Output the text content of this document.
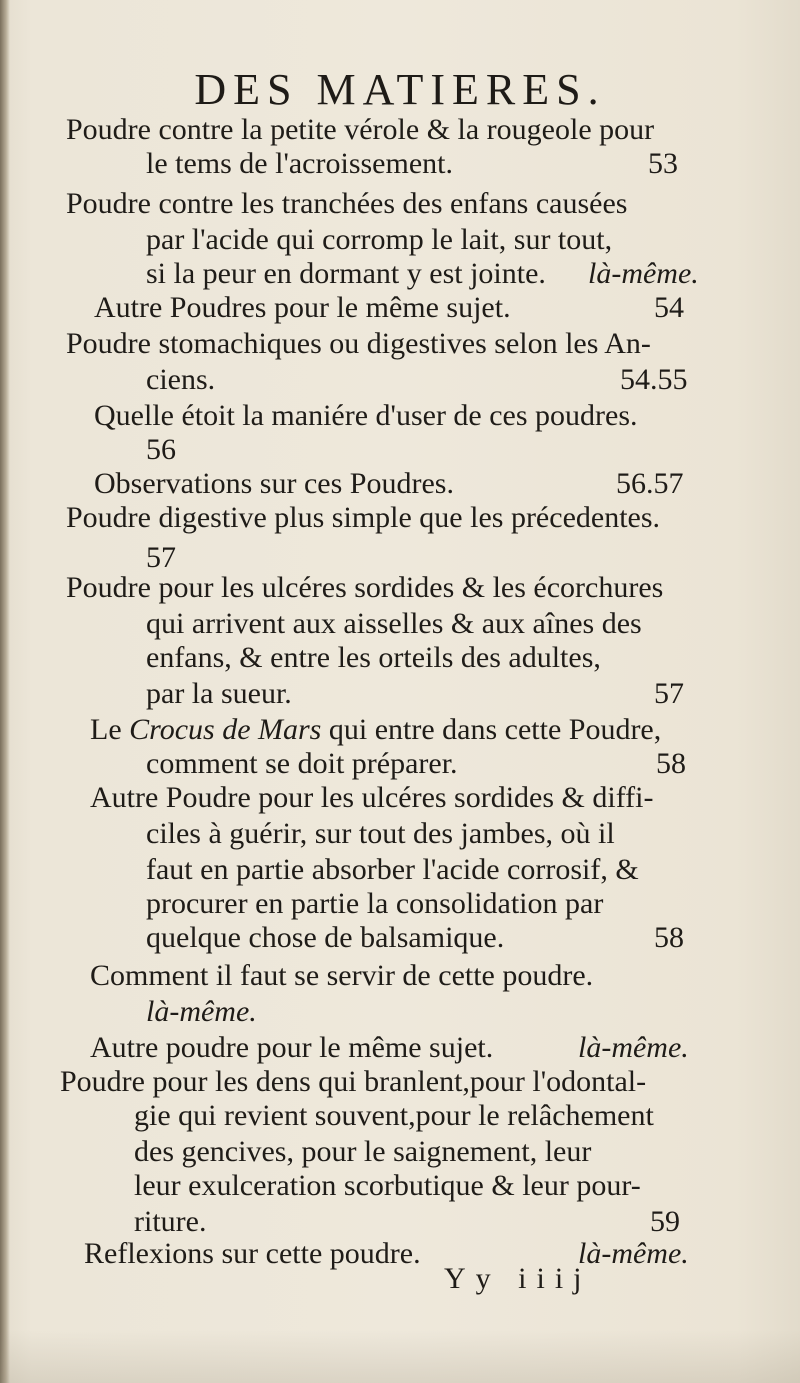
DES MATIERES.
Poudre contre la petite vérole & la rougeole pour
le tems de l'acroissement.	53
Poudre contre les tranchées des enfans causées
par l'acide qui corromp le lait, sur tout,
si la peur en dormant y est jointe. là-même.
Autre Poudres pour le même sujet.	54
Poudre stomachiques ou digestives selon les An-
ciens.	54.55
Quelle étoit la maniére d'user de ces poudres.
56
Observations sur ces Poudres.	56.57
Poudre digestive plus simple que les précedentes.
57
Poudre pour les ulcéres sordides & les écorchures
qui arrivent aux aisselles & aux aînes des
enfans, & entre les orteils des adultes,
par la sueur.	57
Le Crocus de Mars qui entre dans cette Poudre,
comment se doit préparer.	58
Autre Poudre pour les ulcéres sordides & diffi-
ciles à guérir, sur tout des jambes, où il
faut en partie absorber l'acide corrosif, &
procurer en partie la consolidation par
quelque chose de balsamique.	58
Comment il faut se servir de cette poudre.
là-même.
Autre poudre pour le même sujet.	là-même.
Poudre pour les dens qui branlent,pour l'odontal-
gie qui revient souvent,pour le relâchement
des gencives, pour le saignement, leur
leur exulceration scorbutique & leur pour-
riture.	59
Reflexions sur cette poudre.	là-même.
Yy iiij
